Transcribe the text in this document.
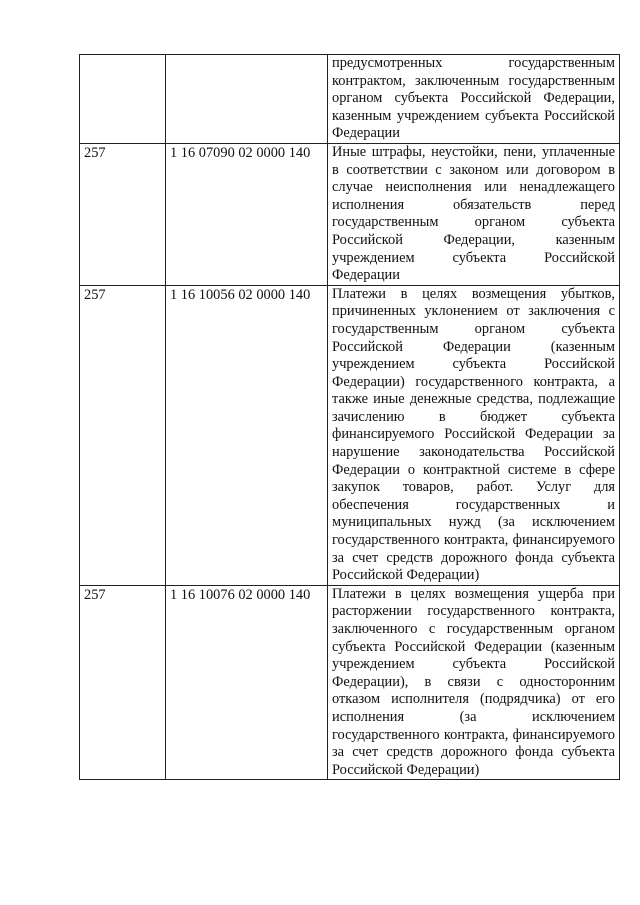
		предусмотренных государственным контрактом, заключенным государственным органом субъекта Российской Федерации, казенным учреждением субъекта Российской Федерации
257	1 16 07090 02 0000 140	Иные штрафы, неустойки, пени, уплаченные в соответствии с законом или договором в случае неисполнения или ненадлежащего исполнения обязательств перед государственным органом субъекта Российской Федерации, казенным учреждением субъекта Российской Федерации
257	1 16 10056 02 0000 140	Платежи в целях возмещения убытков, причиненных уклонением от заключения с государственным органом субъекта Российской Федерации (казенным учреждением субъекта Российской Федерации) государственного контракта, а также иные денежные средства, подлежащие зачислению в бюджет субъекта финансируемого Российской Федерации за нарушение законодательства Российской Федерации о контрактной системе в сфере закупок товаров, работ. Услуг для обеспечения государственных и муниципальных нужд (за исключением государственного контракта, финансируемого за счет средств дорожного фонда субъекта Российской Федерации)
257	1 16 10076 02 0000 140	Платежи в целях возмещения ущерба при расторжении государственного контракта, заключенного с государственным органом субъекта Российской Федерации (казенным учреждением субъекта Российской Федерации), в связи с односторонним отказом исполнителя (подрядчика) от его исполнения (за исключением государственного контракта, финансируемого за счет средств дорожного фонда субъекта Российской Федерации)
